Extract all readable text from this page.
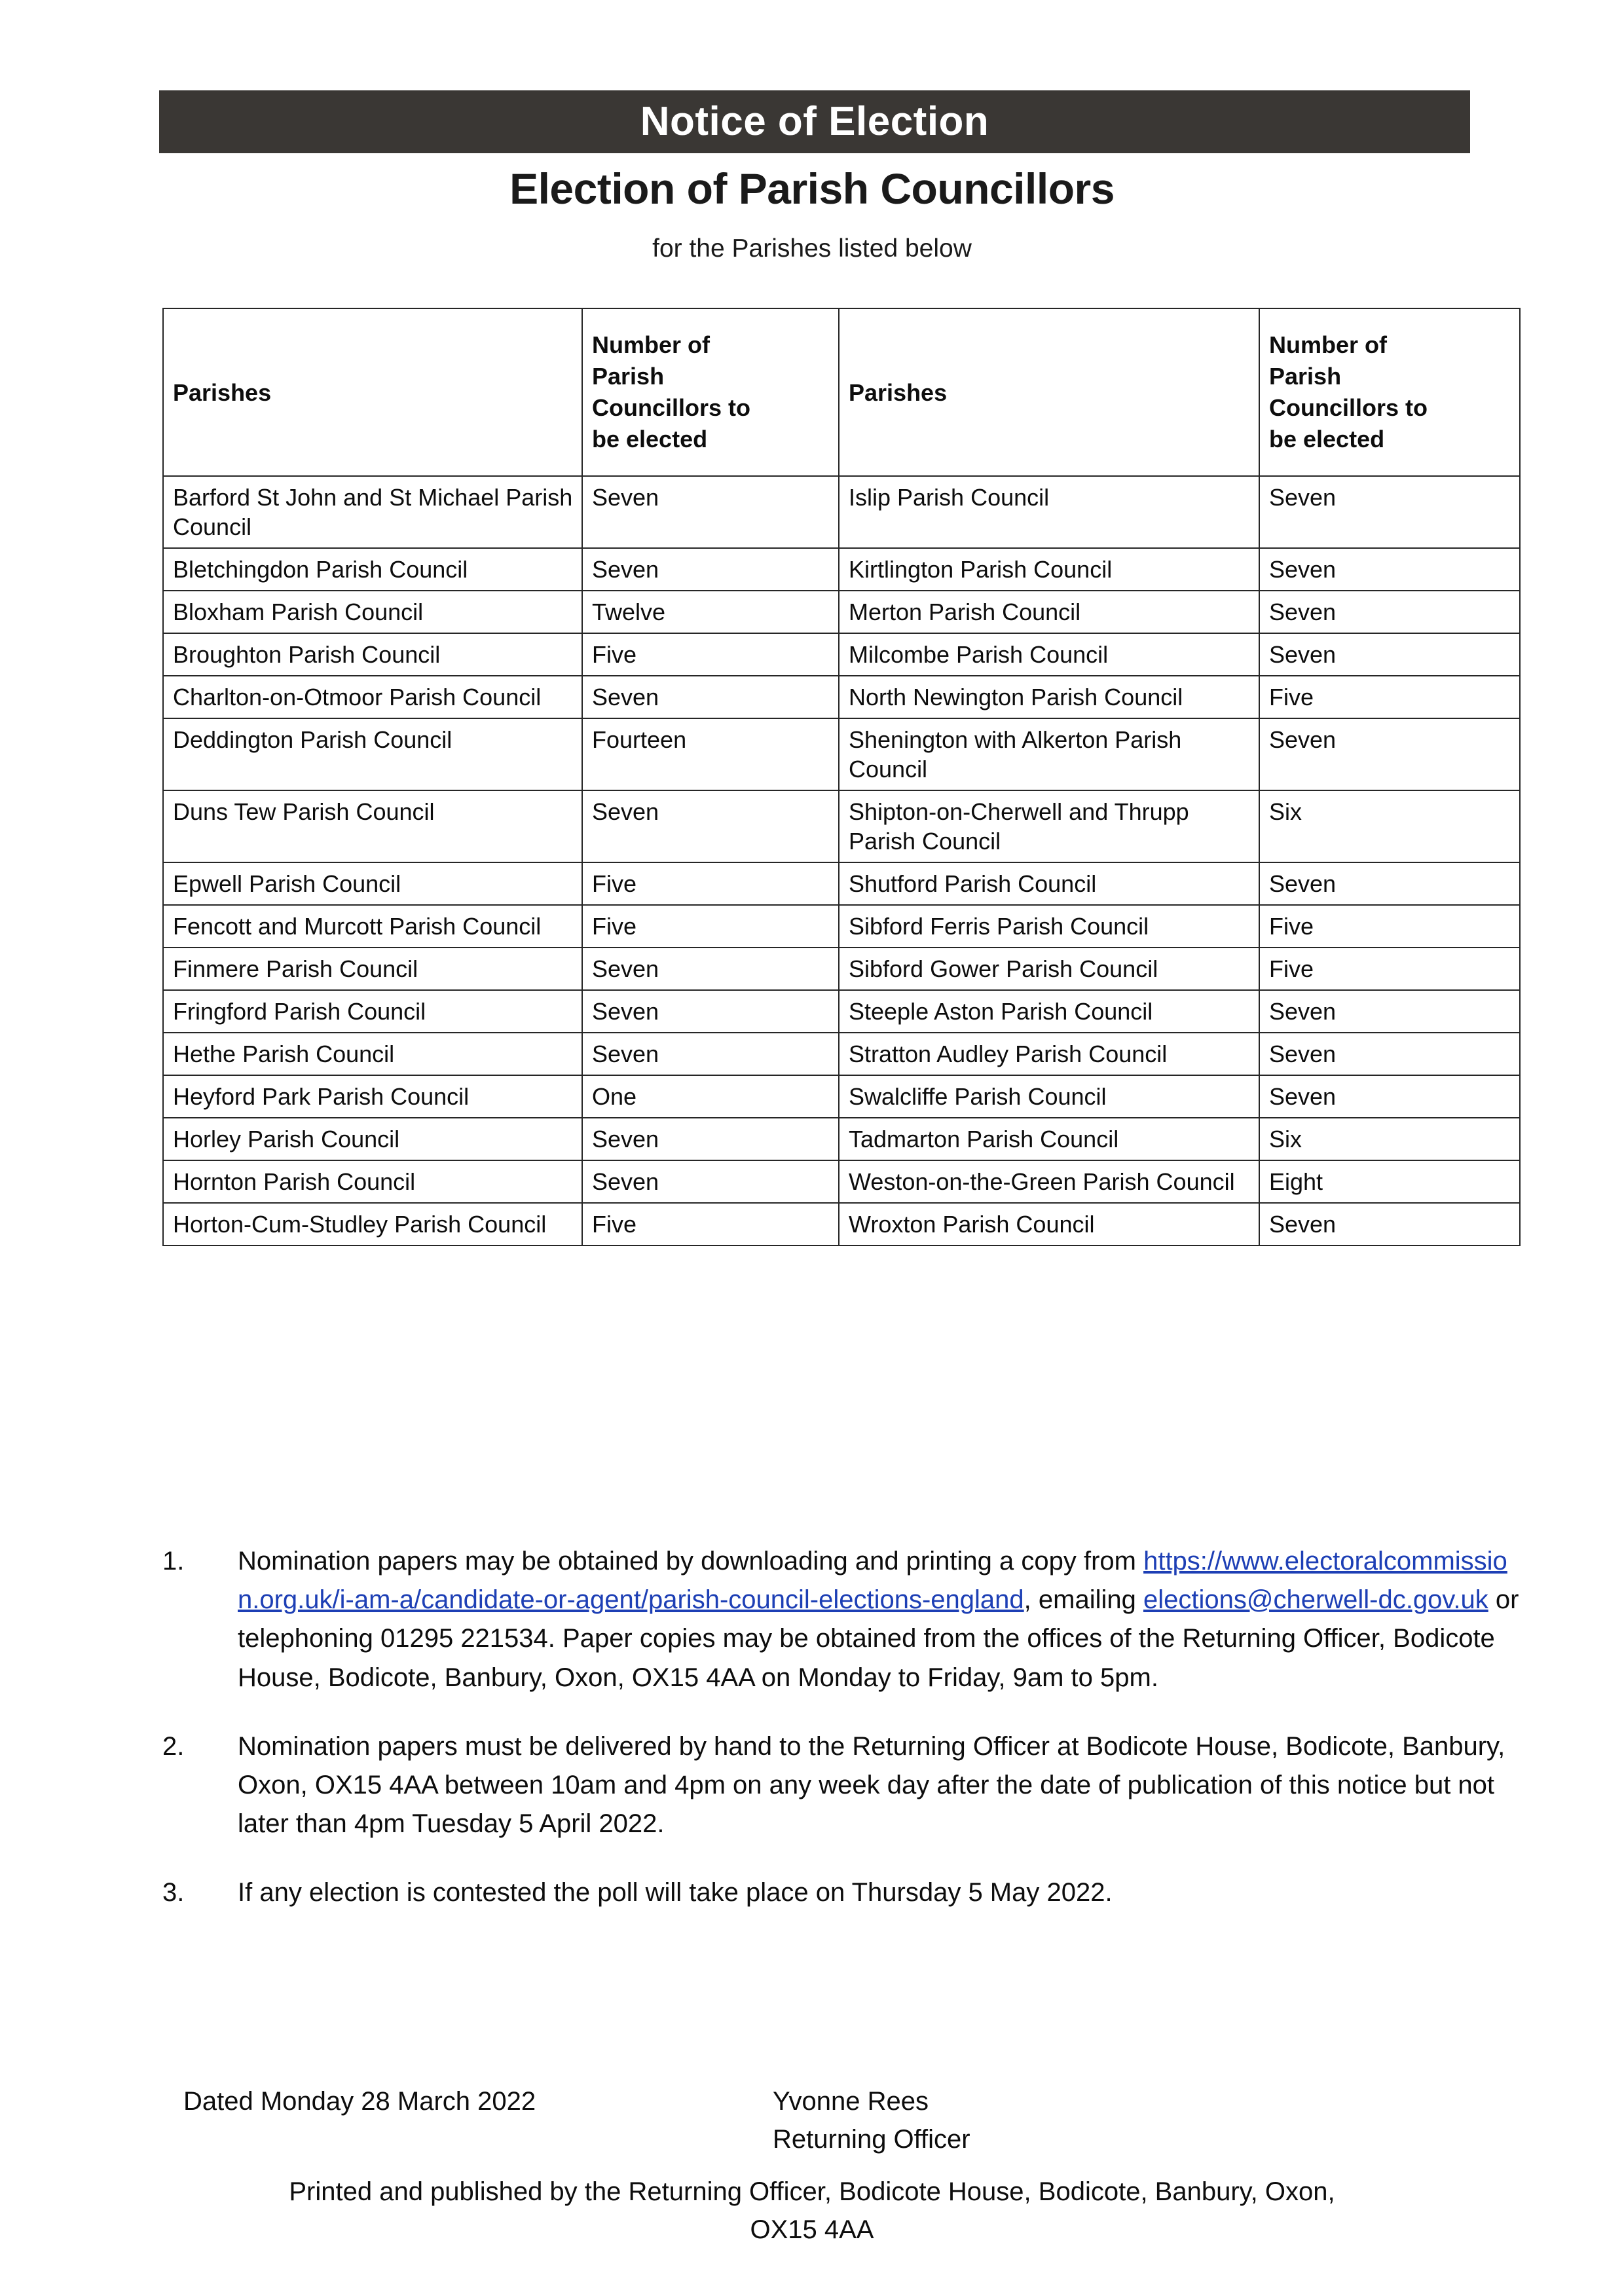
Notice of Election
Election of Parish Councillors
for the Parishes listed below
Parishes	Number of
Parish
Councillors to
be elected	Parishes	Number of
Parish
Councillors to
be elected
Barford St John and St Michael Parish Council	Seven	Islip Parish Council	Seven
Bletchingdon Parish Council	Seven	Kirtlington Parish Council	Seven
Bloxham Parish Council	Twelve	Merton Parish Council	Seven
Broughton Parish Council	Five	Milcombe Parish Council	Seven
Charlton-on-Otmoor Parish Council	Seven	North Newington Parish Council	Five
Deddington Parish Council	Fourteen	Shenington with Alkerton Parish Council	Seven
Duns Tew Parish Council	Seven	Shipton-on-Cherwell and Thrupp Parish Council	Six
Epwell Parish Council	Five	Shutford Parish Council	Seven
Fencott and Murcott Parish Council	Five	Sibford Ferris Parish Council	Five
Finmere Parish Council	Seven	Sibford Gower Parish Council	Five
Fringford Parish Council	Seven	Steeple Aston Parish Council	Seven
Hethe Parish Council	Seven	Stratton Audley Parish Council	Seven
Heyford Park Parish Council	One	Swalcliffe Parish Council	Seven
Horley Parish Council	Seven	Tadmarton Parish Council	Six
Hornton Parish Council	Seven	Weston-on-the-Green Parish Council	Eight
Horton-Cum-Studley Parish Council	Five	Wroxton Parish Council	Seven
1.	Nomination papers may be obtained by downloading and printing a copy from https://www.electoralcommission.org.uk/i-am-a/candidate-or-agent/parish-council-elections-england, emailing elections@cherwell-dc.gov.uk or telephoning 01295 221534. Paper copies may be obtained from the offices of the Returning Officer, Bodicote House, Bodicote, Banbury, Oxon, OX15 4AA on Monday to Friday, 9am to 5pm.
2.	Nomination papers must be delivered by hand to the Returning Officer at Bodicote House, Bodicote, Banbury, Oxon, OX15 4AA between 10am and 4pm on any week day after the date of publication of this notice but not later than 4pm Tuesday 5 April 2022.
3.	If any election is contested the poll will take place on Thursday 5 May 2022.
Dated Monday 28 March 2022	Yvonne Rees
Returning Officer
Printed and published by the Returning Officer, Bodicote House, Bodicote, Banbury, Oxon,
OX15 4AA
